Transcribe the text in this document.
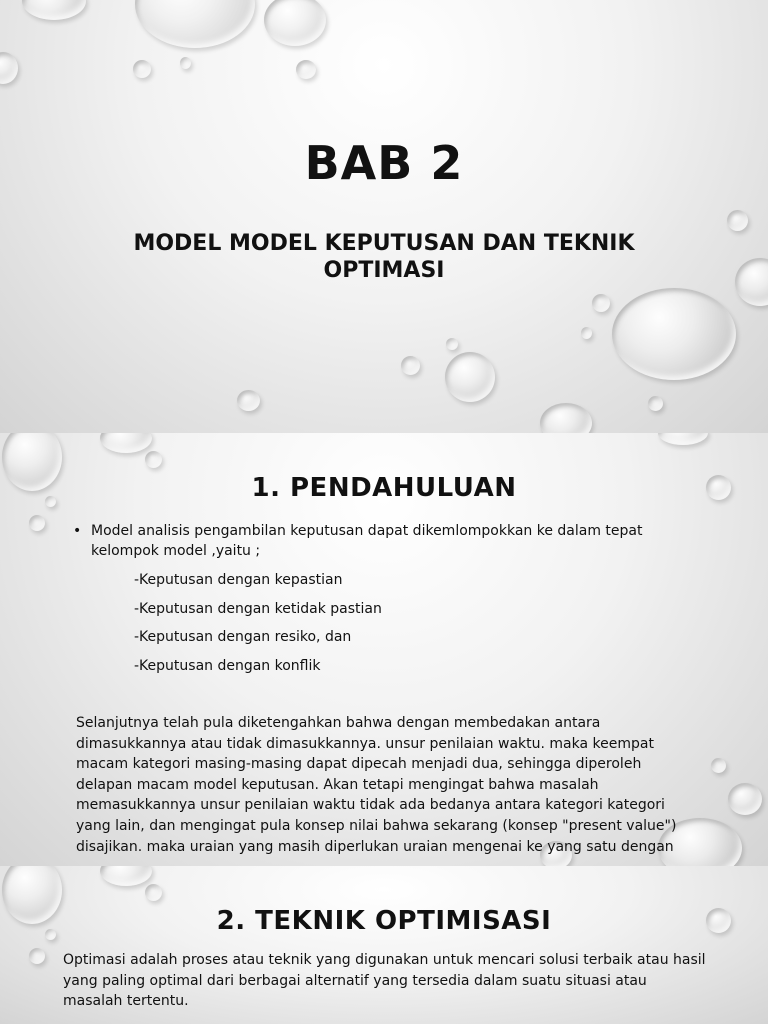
BAB 2
MODEL MODEL KEPUTUSAN DAN TEKNIK OPTIMASI
1. PENDAHULUAN

• Model analisis pengambilan keputusan dapat dikemlompokkan ke dalam tepat kelompok model ,yaitu ;

-Keputusan dengan kepastian
-Keputusan dengan ketidak pastian
-Keputusan dengan resiko, dan
-Keputusan dengan konflik

Selanjutnya telah pula diketengahkan bahwa dengan membedakan antara dimasukkannya atau tidak dimasukkannya. unsur penilaian waktu. maka keempat macam kategori masing-masing dapat dipecah menjadi dua, sehingga diperoleh delapan macam model keputusan. Akan tetapi mengingat bahwa masalah memasukkannya unsur penilaian waktu tidak ada bedanya antara kategori kategori yang lain, dan mengingat pula konsep nilai bahwa sekarang (konsep "present value") disajikan. maka uraian yang masih diperlukan uraian mengenai ke yang satu dengan

2. TEKNIK OPTIMISASI

Optimasi adalah proses atau teknik yang digunakan untuk mencari solusi terbaik atau hasil yang paling optimal dari berbagai alternatif yang tersedia dalam suatu situasi atau masalah tertentu.
